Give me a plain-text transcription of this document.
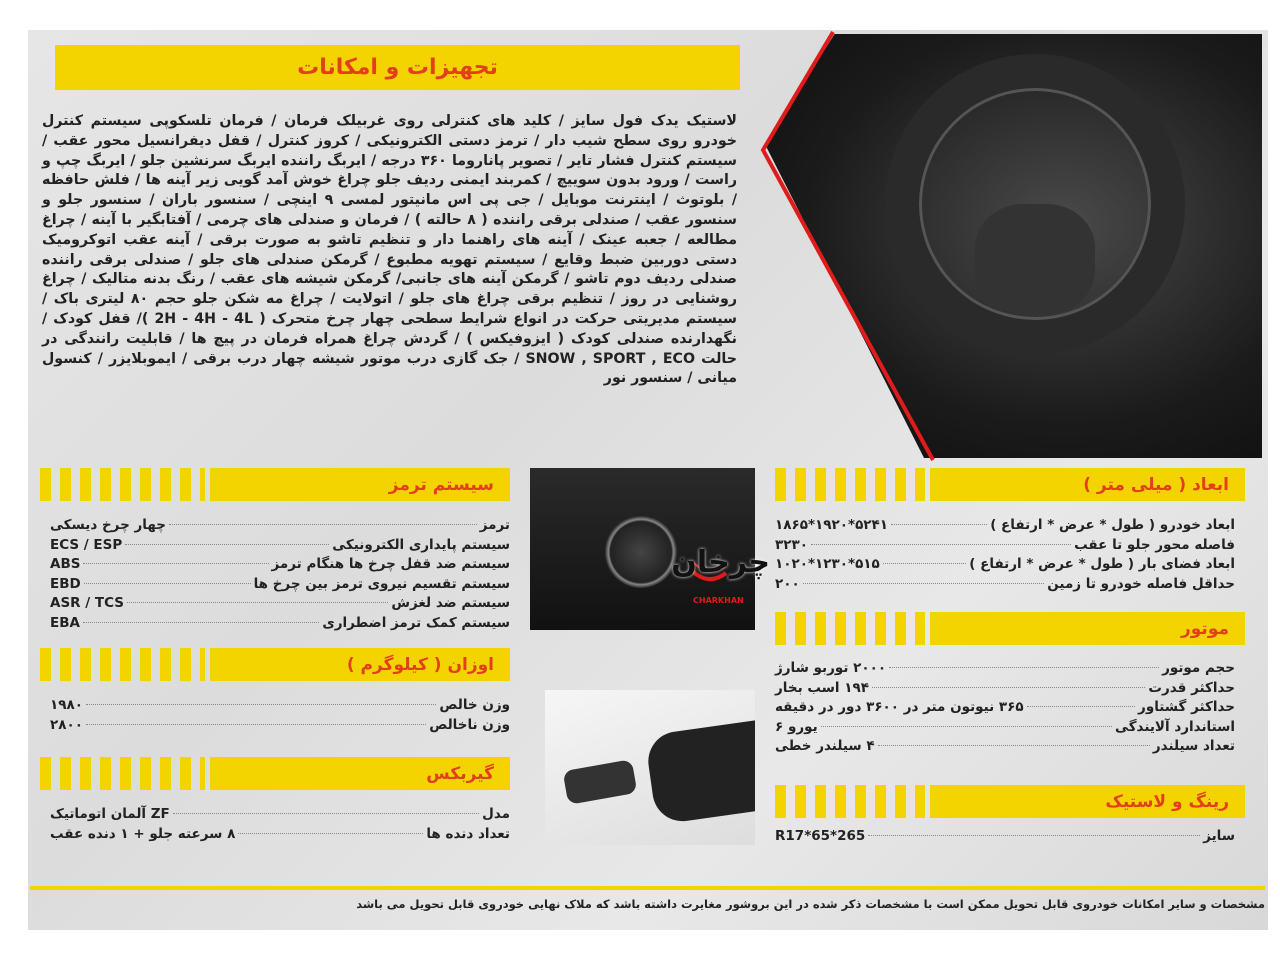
تجهیزات و امکانات

لاستیک یدک فول سایز / کلید های کنترلی روی غربیلک فرمان / فرمان تلسکوپی سیستم کنترل خودرو روی سطح شیب دار / ترمز دستی الکترونیکی / کروز کنترل / قفل دیفرانسیل محور عقب / سیستم کنترل فشار تایر / تصویر پاناروما ۳۶۰ درجه / ایربگ راننده ایربگ سرنشین جلو / ایربگ چپ و راست / ورود بدون سوییچ / کمربند ایمنی ردیف جلو چراغ خوش آمد گویی زیر آینه ها / فلش حافظه / بلوتوث / اینترنت موبایل / جی پی اس مانیتور لمسی ۹ اینچی / سنسور باران / سنسور جلو و سنسور عقب / صندلی برقی راننده ( ۸ حالته ) / فرمان و صندلی های چرمی / آفتابگیر با آینه / چراغ مطالعه / جعبه عینک / آینه های راهنما دار و تنظیم تاشو به صورت برقی / آینه عقب اتوکرومیک دستی دوربین ضبط وقایع / سیستم تهویه مطبوع / گرمکن صندلی های جلو / صندلی برقی راننده صندلی ردیف دوم تاشو / گرمکن آینه های جانبی/ گرمکن شیشه های عقب / رنگ بدنه متالیک / چراغ روشنایی در روز / تنظیم برقی چراغ های جلو / اتولایت / چراغ مه شکن جلو حجم ۸۰ لیتری باک / سیستم مدیریتی حرکت در انواع شرایط سطحی چهار چرخ متحرک ( 2H - 4H - 4L )/ قفل کودک / نگهدارنده صندلی کودک ( ایزوفیکس ) / گردش چراغ همراه فرمان در پیچ ها / قابلیت رانندگی در حالت SNOW , SPORT , ECO / جک گازی درب موتور شیشه چهار درب برقی / ایموبلایزر / کنسول میانی / سنسور نور

سیستم ترمز
ترمز
چهار چرخ دیسکی
سیستم پایداری الکترونیکی
ECS / ESP
سیستم ضد قفل چرخ ها هنگام ترمز
ABS
سیستم تقسیم نیروی ترمز بین چرخ ها
EBD
سیستم ضد لغزش
ASR / TCS
سیستم کمک ترمز اضطراری
EBA
اوزان ( کیلوگرم )
وزن خالص
۱۹۸۰
وزن ناخالص
۲۸۰۰
گیربکس
مدل
ZF آلمان اتوماتیک
تعداد دنده ها
۸ سرعته جلو + ۱ دنده عقب
ابعاد ( میلی متر )
ابعاد خودرو ( طول * عرض * ارتفاع )
۵۲۴۱*۱۹۲۰*۱۸۶۵
فاصله محور جلو تا عقب
۳۲۳۰
ابعاد فضای بار ( طول * عرض * ارتفاع )
۵۱۵*۱۲۳۰*۱۰۲۰
حداقل فاصله خودرو تا زمین
۲۰۰
موتور
حجم موتور
۲۰۰۰ توربو شارژ
حداکثر قدرت
۱۹۴ اسب بخار
حداکثر گشتاور
۳۶۵ نیوتون متر در ۳۶۰۰ دور در دقیقه
استاندارد آلایندگی
یورو ۶
تعداد سیلندر
۴ سیلندر خطی
رینگ و لاستیک
سایز
265*65*R17
چرخان
CHARKHAN
مشخصات و سایر امکانات خودروی قابل تحویل ممکن است با مشخصات ذکر شده در این بروشور مغایرت داشته باشد که ملاک نهایی خودروی قابل تحویل می باشد
